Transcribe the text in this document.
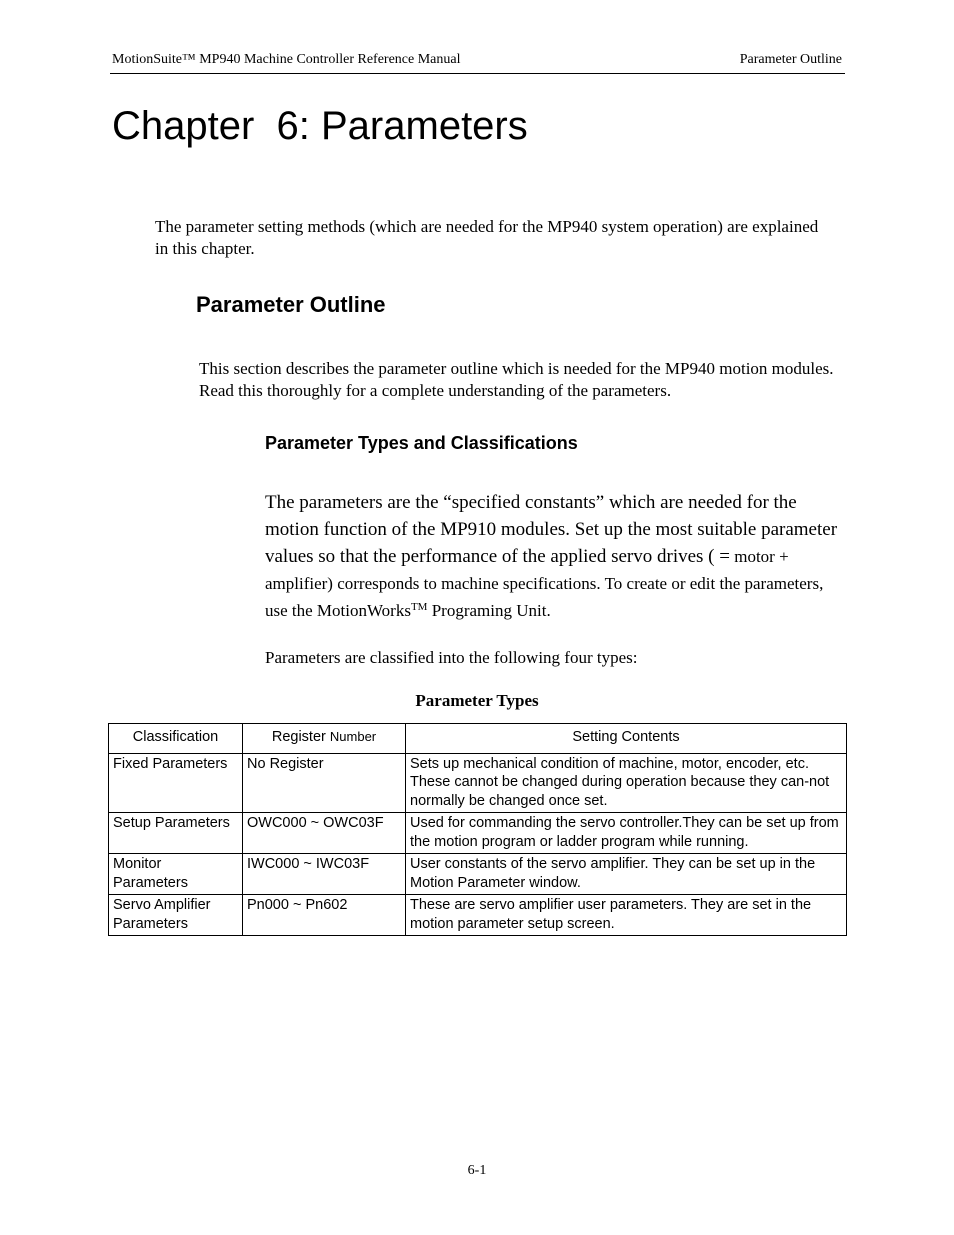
MotionSuite™ MP940 Machine Controller Reference Manual	Parameter Outline
Chapter  6: Parameters

The parameter setting methods (which are needed for the MP940 system operation) are explained in this chapter.

Parameter Outline

This section describes the parameter outline which is needed for the MP940 motion modules. Read this thoroughly for a complete understanding of the parameters.

Parameter Types and Classifications

The parameters are the “specified constants” which are needed for the motion function of the MP910 modules. Set up the most suitable parameter values so that the performance of the applied servo drives ( = motor + amplifier) corresponds to machine specifications. To create or edit the parameters, use the MotionWorks™ Programing Unit.

Parameters are classified into the following four types:

Parameter Types
Classification	Register Number	Setting Contents
Fixed Parameters	No Register	Sets up mechanical condition of machine, motor, encoder, etc. These cannot be changed during operation because they can-not normally be changed once set.
Setup Parameters	OWC000 ~ OWC03F	Used for commanding the servo controller.They can be set up from the motion program or ladder program while running.
Monitor Parameters	IWC000 ~ IWC03F	User constants of the servo amplifier. They can be set up in the Motion Parameter window.
Servo Amplifier Parameters	Pn000 ~ Pn602	These are servo amplifier user parameters. They are set in the motion parameter setup screen.
6-1
